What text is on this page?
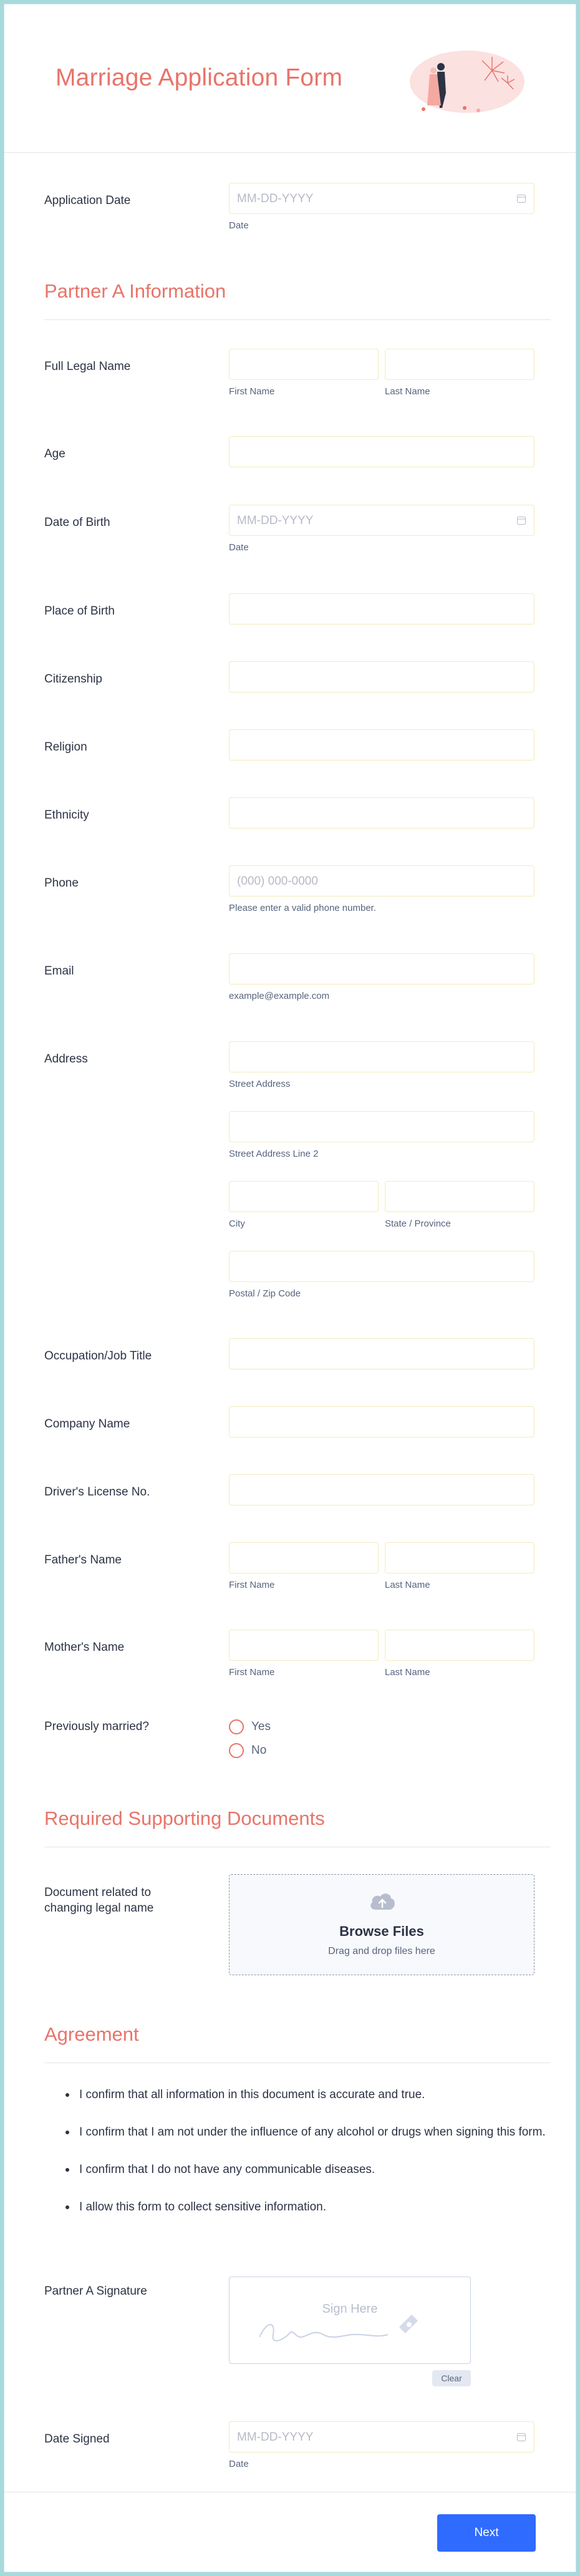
Marriage Application Form
Application Date	MM-DD-YYYY
Date
Partner A Information
Full Legal Name
First Name	Last Name
Age
Date of Birth	MM-DD-YYYY
Date
Place of Birth
Citizenship
Religion
Ethnicity
Phone	(000) 000-0000
Please enter a valid phone number.
Email
example@example.com
Address
Street Address
Street Address Line 2
City	State / Province
Postal / Zip Code
Occupation/Job Title
Company Name
Driver's License No.
Father's Name
First Name	Last Name
Mother's Name
First Name	Last Name
Previously married?	Yes
No
Required Supporting Documents
Document related to changing legal name
Browse Files
Drag and drop files here
Agreement
I confirm that all information in this document is accurate and true.
I confirm that I am not under the influence of any alcohol or drugs when signing this form.
I confirm that I do not have any communicable diseases.
I allow this form to collect sensitive information.
Partner A Signature
Sign Here
Clear
Date Signed	MM-DD-YYYY
Date
Next
